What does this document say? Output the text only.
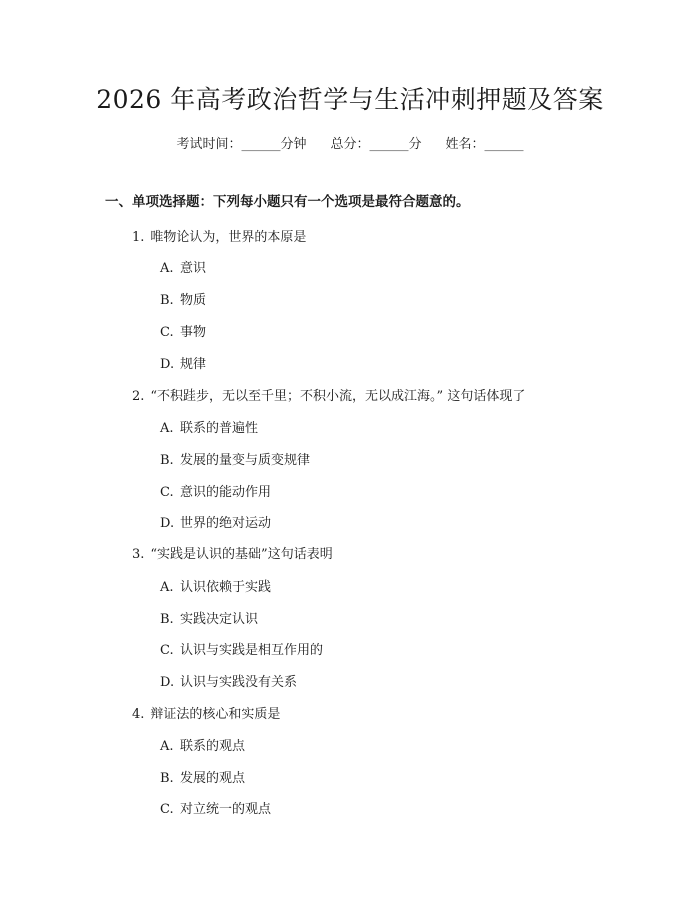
2026 年高考政治哲学与生活冲刺押题及答案
考试时间：______分钟 总分：______分 姓名：______
一、单项选择题：下列每小题只有一个选项是最符合题意的。
1. 唯物论认为，世界的本原是
A. 意识
B. 物质
C. 事物
D. 规律
2. “不积跬步，无以至千里；不积小流，无以成江海。” 这句话体现了
A. 联系的普遍性
B. 发展的量变与质变规律
C. 意识的能动作用
D. 世界的绝对运动
3. “实践是认识的基础”这句话表明
A. 认识依赖于实践
B. 实践决定认识
C. 认识与实践是相互作用的
D. 认识与实践没有关系
4. 辩证法的核心和实质是
A. 联系的观点
B. 发展的观点
C. 对立统一的观点
